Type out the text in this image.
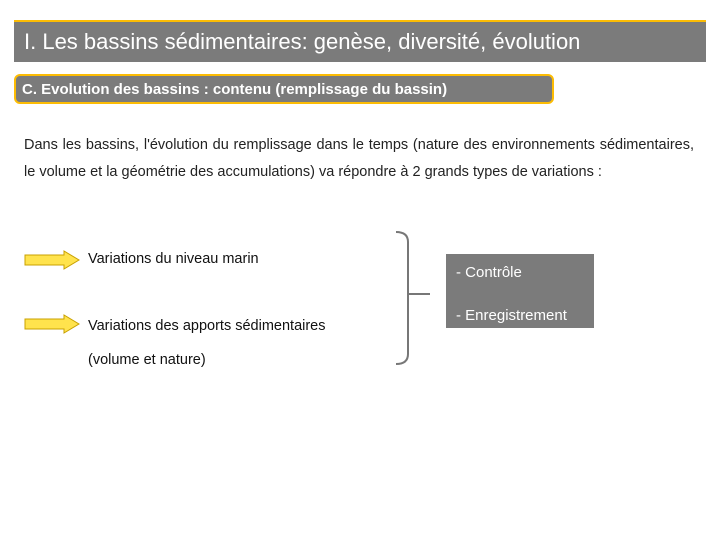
I. Les bassins sédimentaires: genèse, diversité, évolution
C. Evolution des bassins : contenu (remplissage du bassin)

Dans les bassins, l'évolution du remplissage dans le temps (nature des environnements sédimentaires, le volume et la géométrie des accumulations) va répondre à 2 grands types de variations :

Variations du niveau marin
Variations des apports sédimentaires
(volume et nature)
- Contrôle
- Enregistrement
